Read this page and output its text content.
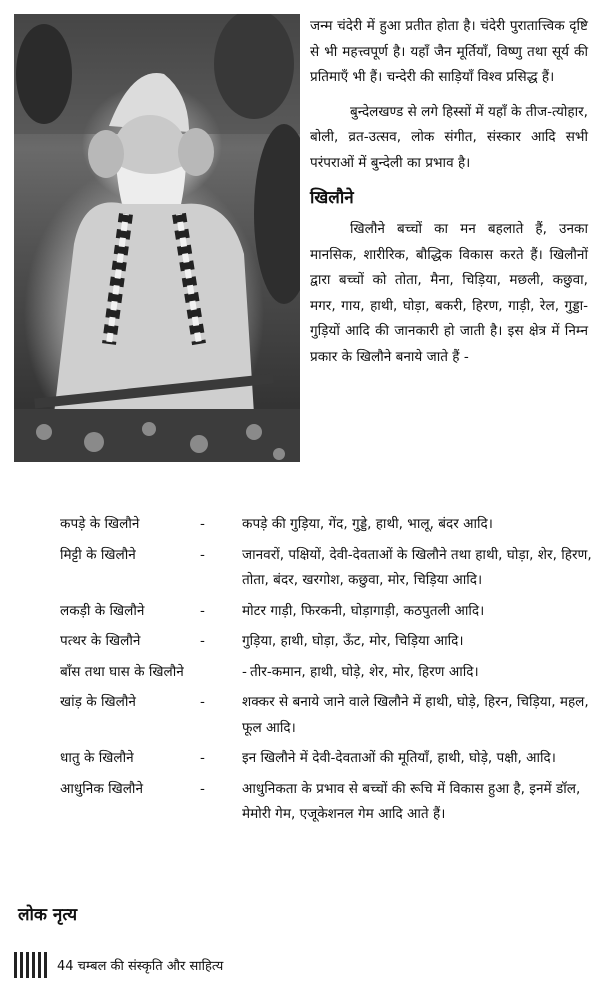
जन्म चंदेरी में हुआ प्रतीत होता है। चंदेरी पुरातात्त्विक दृष्टि से भी महत्त्वपूर्ण है। यहाँ जैन मूर्तियाँ, विष्णु तथा सूर्य की प्रतिमाएँ भी हैं। चन्देरी की साड़ियाँ विश्व प्रसिद्ध हैं।

बुन्देलखण्ड से लगे हिस्सों में यहाँ के तीज-त्योहार, बोली, व्रत-उत्सव, लोक संगीत, संस्कार आदि सभी परंपराओं में बुन्देली का प्रभाव है।

खिलौने

खिलौने बच्चों का मन बहलाते हैं, उनका मानसिक, शारीरिक, बौद्धिक विकास करते हैं। खिलौनों द्वारा बच्चों को तोता, मैना, चिड़िया, मछली, कछुवा, मगर, गाय, हाथी, घोड़ा, बकरी, हिरण, गाड़ी, रेल, गुड्डा-गुड़ियों आदि की जानकारी हो जाती है। इस क्षेत्र में निम्न प्रकार के खिलौने बनाये जाते हैं -

कपड़े के खिलौने	-	कपड़े की गुड़िया, गेंद, गुड्डे, हाथी, भालू, बंदर आदि।
मिट्टी के खिलौने	-	जानवरों, पक्षियों, देवी-देवताओं के खिलौने तथा हाथी, घोड़ा, शेर, हिरण, तोता, बंदर, खरगोश, कछुवा, मोर, चिड़िया आदि।
लकड़ी के खिलौने	-	मोटर गाड़ी, फिरकनी, घोड़ागाड़ी, कठपुतली आदि।
पत्थर के खिलौने	-	गुड़िया, हाथी, घोड़ा, ऊँट, मोर, चिड़िया आदि।
बाँस तथा घास के खिलौने	- तीर-कमान, हाथी, घोड़े, शेर, मोर, हिरण आदि।
खांड़ के खिलौने	-	शक्कर से बनाये जाने वाले खिलौने में हाथी, घोड़े, हिरन, चिड़िया, महल, फूल आदि।
धातु के खिलौने	-	इन खिलौने में देवी-देवताओं की मूतियाँ, हाथी, घोड़े, पक्षी, आदि।
आधुनिक खिलौने	-	आधुनिकता के प्रभाव से बच्चों की रूचि में विकास हुआ है, इनमें डॉल, मेमोरी गेम, एजूकेशनल गेम आदि आते हैं।
लोक नृत्य
44 चम्बल की संस्कृति और साहित्य
